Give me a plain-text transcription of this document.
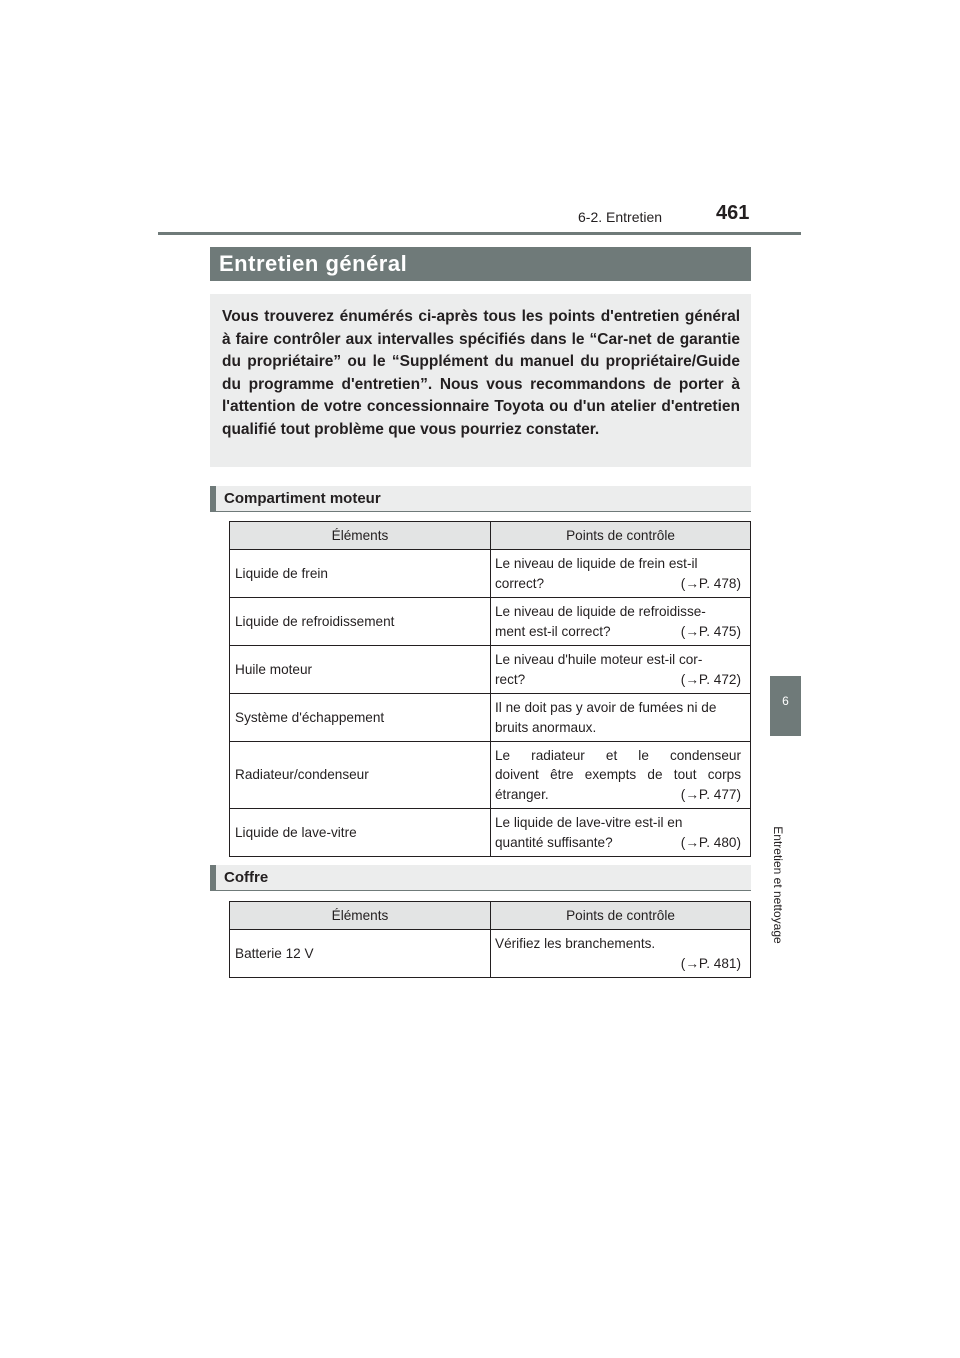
6-2. Entretien	461
6
Entretien et nettoyage
Entretien général

Vous trouverez énumérés ci-après tous les points d'entretien général à faire contrôler aux intervalles spécifiés dans le “Car-net de garantie du propriétaire” ou le “Supplément du manuel du propriétaire/Guide du programme d'entretien”. Nous vous recommandons de porter à l'attention de votre concessionnaire Toyota ou d'un atelier d'entretien qualifié tout problème que vous pourriez constater.

Compartiment moteur
Éléments	Points de contrôle
Liquide de frein	Le niveau de liquide de frein est-il
correct? (→P. 478)

Liquide de refroidissement	Le niveau de liquide de refroidisse-
ment est-il correct? (→P. 475)

Huile moteur	Le niveau d'huile moteur est-il cor-
rect? (→P. 472)

Système d'échappement	Il ne doit pas y avoir de fumées ni de
bruits anormaux.

Radiateur/condenseur	Le radiateur et le condenseur
doivent être exempts de tout corps
étranger. (→P. 477)

Liquide de lave-vitre	Le liquide de lave-vitre est-il en
quantité suffisante? (→P. 480)
Coffre
Éléments	Points de contrôle
Batterie 12 V	Vérifiez les branchements.
(→P. 481)
